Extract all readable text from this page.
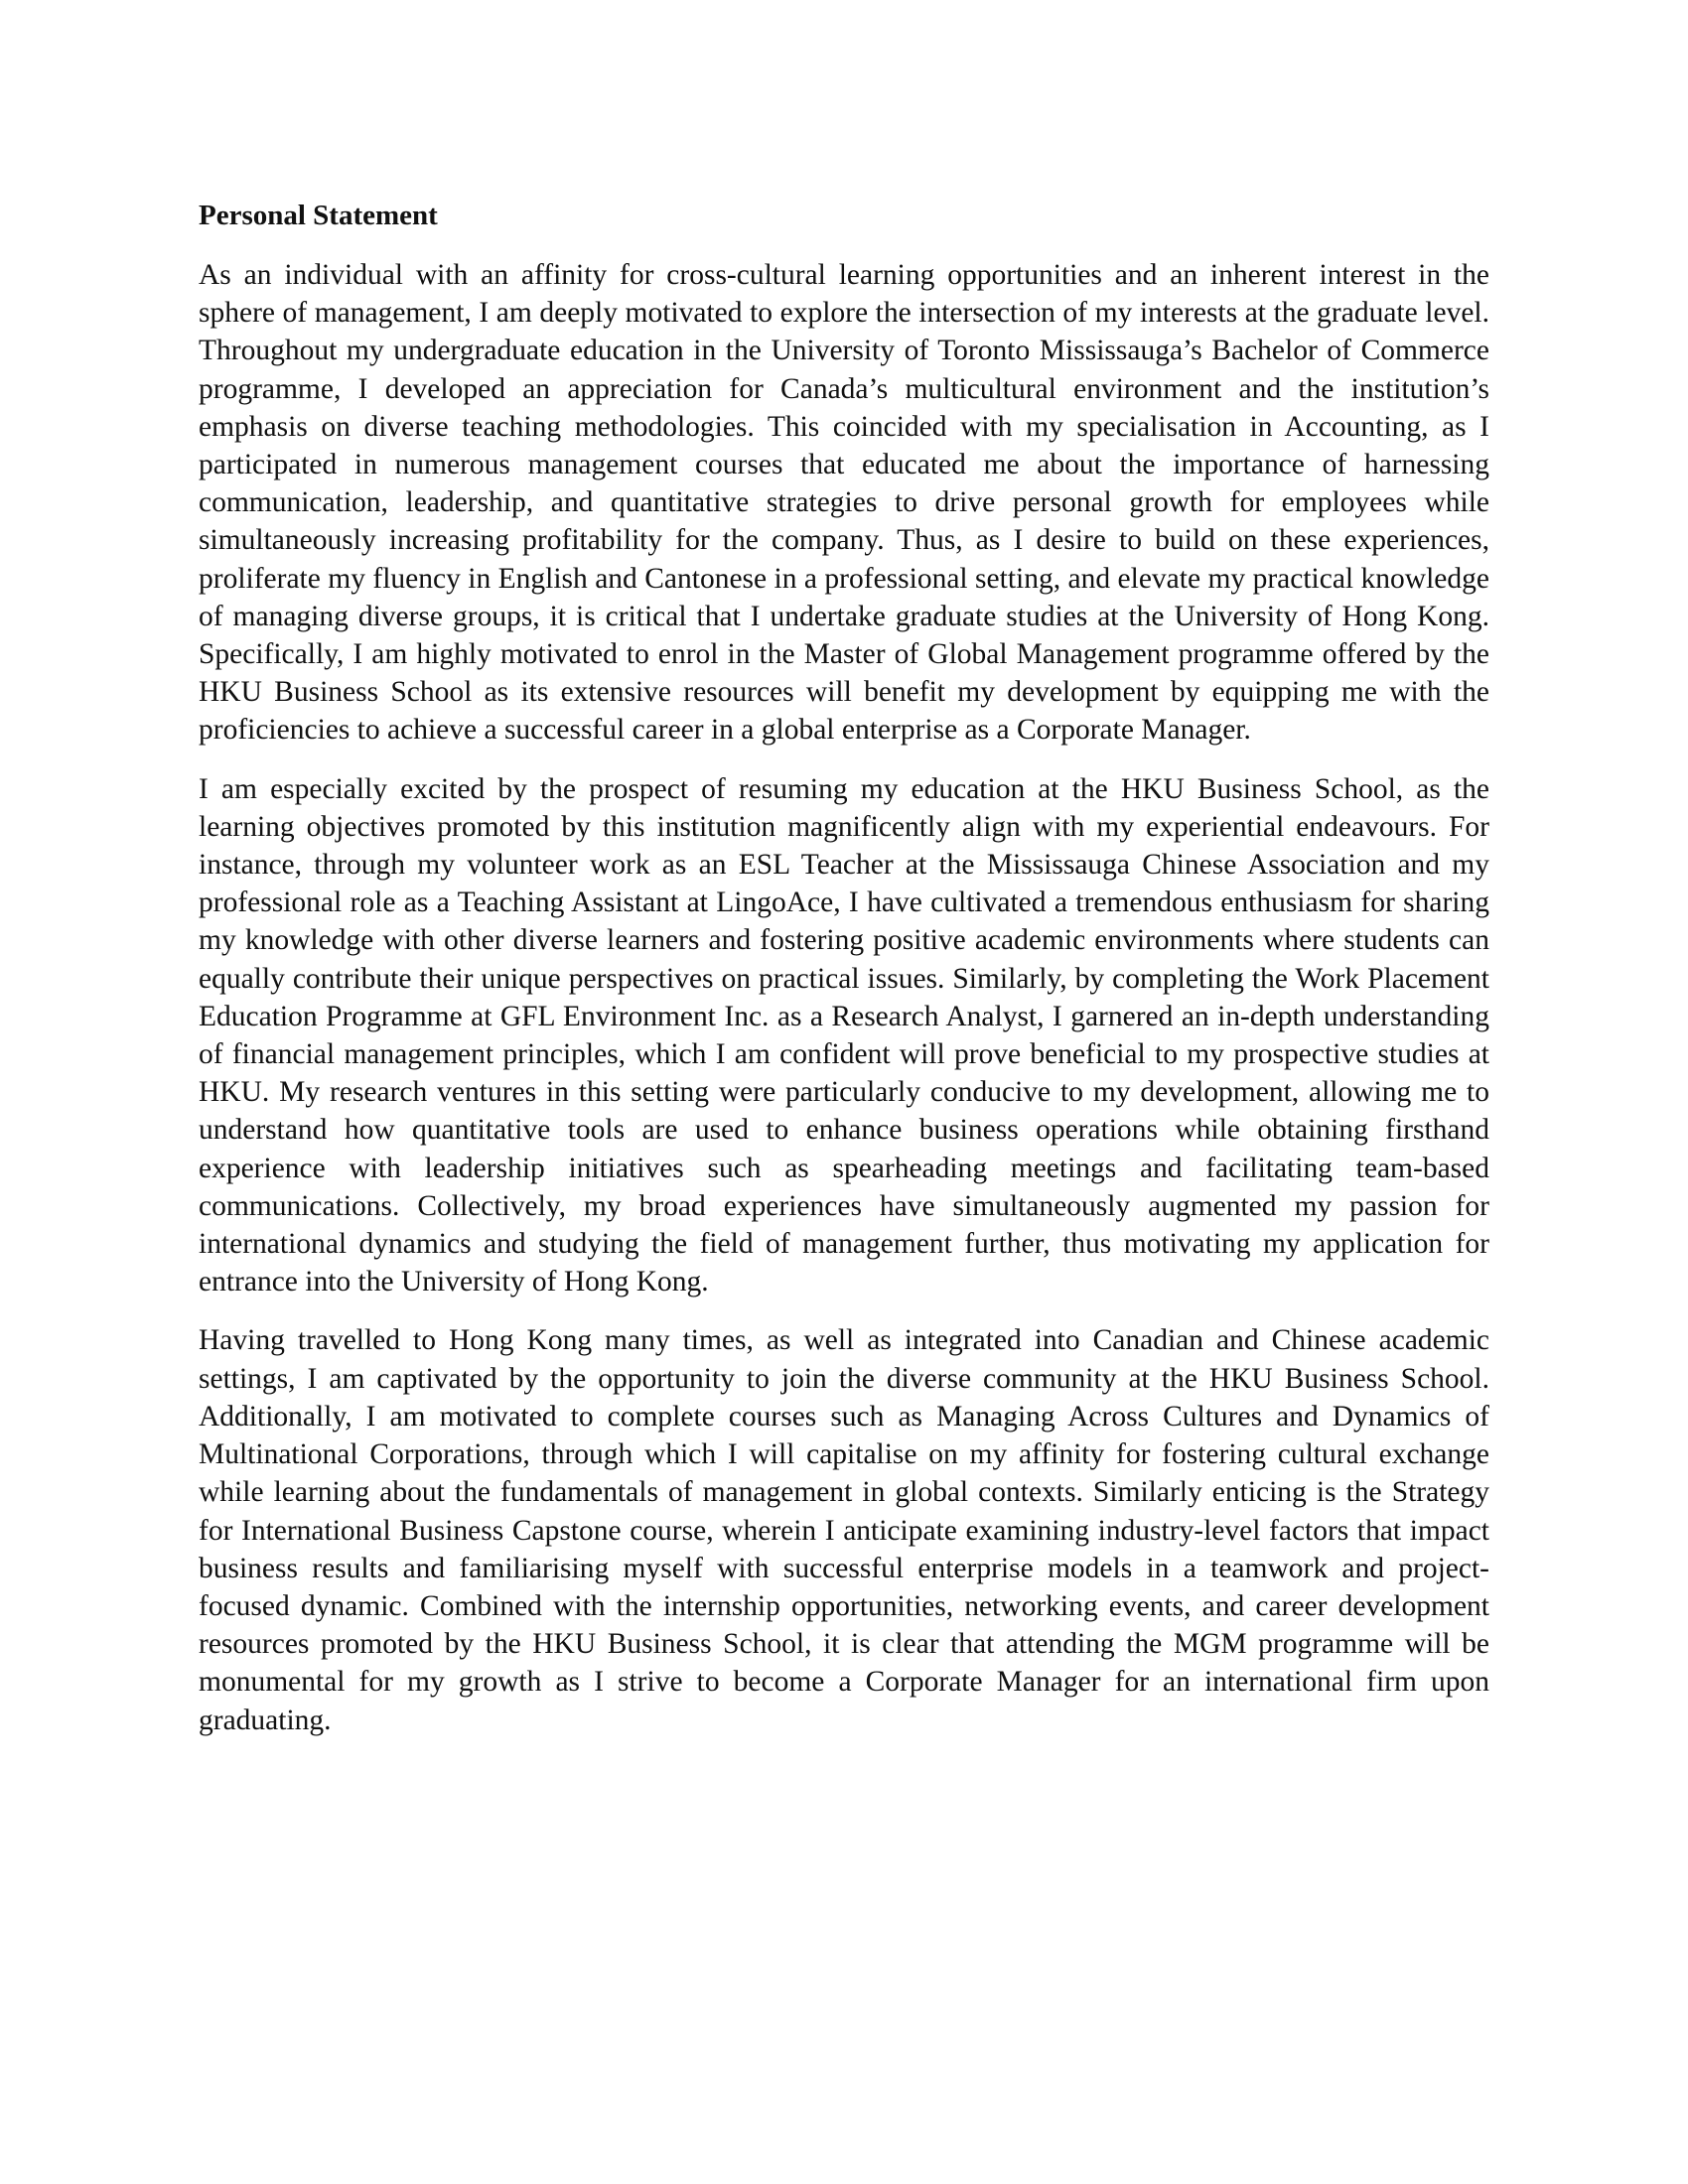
Personal Statement

As an individual with an affinity for cross-cultural learning opportunities and an inherent interest in the sphere of management, I am deeply motivated to explore the intersection of my interests at the graduate level. Throughout my undergraduate education in the University of Toronto Mississauga’s Bachelor of Commerce programme, I developed an appreciation for Canada’s multicultural environment and the institution’s emphasis on diverse teaching methodologies. This coincided with my specialisation in Accounting, as I participated in numerous management courses that educated me about the importance of harnessing communication, leadership, and quantitative strategies to drive personal growth for employees while simultaneously increasing profitability for the company. Thus, as I desire to build on these experiences, proliferate my fluency in English and Cantonese in a professional setting, and elevate my practical knowledge of managing diverse groups, it is critical that I undertake graduate studies at the University of Hong Kong. Specifically, I am highly motivated to enrol in the Master of Global Management programme offered by the HKU Business School as its extensive resources will benefit my development by equipping me with the proficiencies to achieve a successful career in a global enterprise as a Corporate Manager.

I am especially excited by the prospect of resuming my education at the HKU Business School, as the learning objectives promoted by this institution magnificently align with my experiential endeavours. For instance, through my volunteer work as an ESL Teacher at the Mississauga Chinese Association and my professional role as a Teaching Assistant at LingoAce, I have cultivated a tremendous enthusiasm for sharing my knowledge with other diverse learners and fostering positive academic environments where students can equally contribute their unique perspectives on practical issues. Similarly, by completing the Work Placement Education Programme at GFL Environment Inc. as a Research Analyst, I garnered an in-depth understanding of financial management principles, which I am confident will prove beneficial to my prospective studies at HKU. My research ventures in this setting were particularly conducive to my development, allowing me to understand how quantitative tools are used to enhance business operations while obtaining firsthand experience with leadership initiatives such as spearheading meetings and facilitating team-based communications. Collectively, my broad experiences have simultaneously augmented my passion for international dynamics and studying the field of management further, thus motivating my application for entrance into the University of Hong Kong.

Having travelled to Hong Kong many times, as well as integrated into Canadian and Chinese academic settings, I am captivated by the opportunity to join the diverse community at the HKU Business School. Additionally, I am motivated to complete courses such as Managing Across Cultures and Dynamics of Multinational Corporations, through which I will capitalise on my affinity for fostering cultural exchange while learning about the fundamentals of management in global contexts. Similarly enticing is the Strategy for International Business Capstone course, wherein I anticipate examining industry-level factors that impact business results and familiarising myself with successful enterprise models in a teamwork and project-focused dynamic. Combined with the internship opportunities, networking events, and career development resources promoted by the HKU Business School, it is clear that attending the MGM programme will be monumental for my growth as I strive to become a Corporate Manager for an international firm upon graduating.
